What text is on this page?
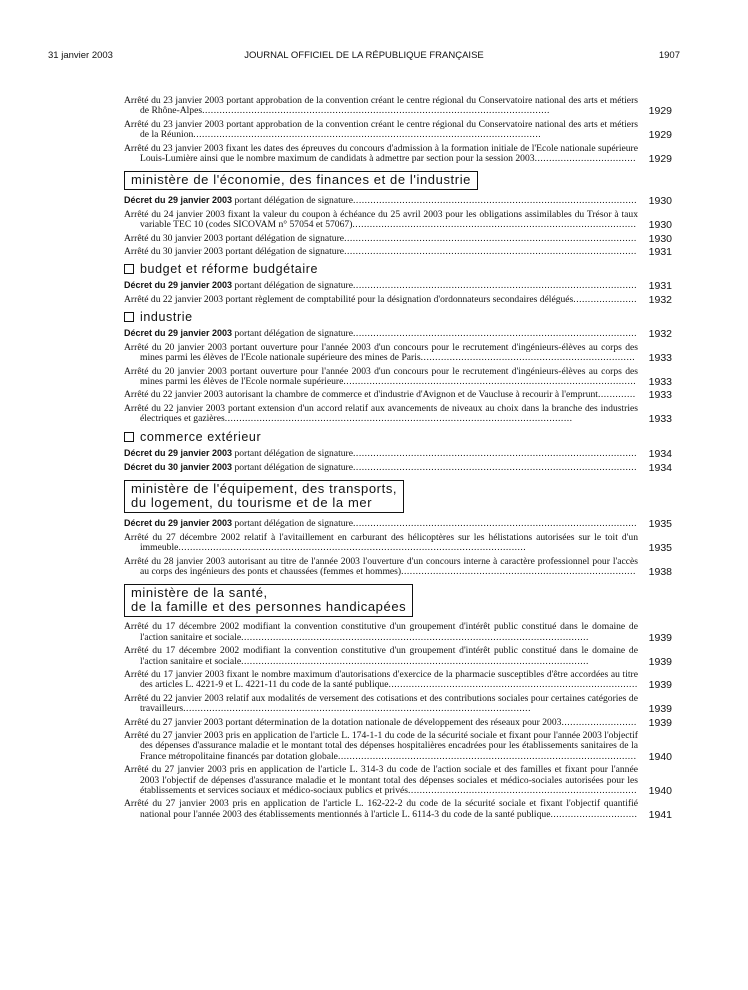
31 janvier 2003	JOURNAL OFFICIEL DE LA RÉPUBLIQUE FRANÇAISE	1907
Arrêté du 23 janvier 2003 portant approbation de la convention créant le centre régional du Conservatoire national des arts et métiers de Rhône-Alpes........................................................................................................................	1929
Arrêté du 23 janvier 2003 portant approbation de la convention créant le centre régional du Conservatoire national des arts et métiers de la Réunion........................................................................................................................	1929
Arrêté du 23 janvier 2003 fixant les dates des épreuves du concours d'admission à la formation initiale de l'Ecole nationale supérieure Louis-Lumière ainsi que le nombre maximum de candidats à admettre par section pour la session 2003................................... 1929
ministère de l'économie, des finances et de l'industrie
Décret du 29 janvier 2003 portant délégation de signature.................................................................................................. 1930
Arrêté du 24 janvier 2003 fixant la valeur du coupon à échéance du 25 avril 2003 pour les obligations assimilables du Trésor à taux variable TEC 10 (codes SICOVAM n° 57054 et 57067).................................................................................................. 1930
Arrêté du 30 janvier 2003 portant délégation de signature..................................................................................................... 1930
Arrêté du 30 janvier 2003 portant délégation de signature..................................................................................................... 1931
budget et réforme budgétaire
Décret du 29 janvier 2003 portant délégation de signature.................................................................................................. 1931
Arrêté du 22 janvier 2003 portant règlement de comptabilité pour la désignation d'ordonnateurs secondaires délégués...................... 1932
industrie
Décret du 29 janvier 2003 portant délégation de signature.................................................................................................. 1932
Arrêté du 20 janvier 2003 portant ouverture pour l'année 2003 d'un concours pour le recrutement d'ingénieurs-élèves au corps des mines parmi les élèves de l'Ecole nationale supérieure des mines de Paris.......................................................................... 1933
Arrêté du 20 janvier 2003 portant ouverture pour l'année 2003 d'un concours pour le recrutement d'ingénieurs-élèves au corps des mines parmi les élèves de l'Ecole normale supérieure..................................................................................................... 1933
Arrêté du 22 janvier 2003 autorisant la chambre de commerce et d'industrie d'Avignon et de Vaucluse à recourir à l'emprunt............. 1933
Arrêté du 22 janvier 2003 portant extension d'un accord relatif aux avancements de niveaux au choix dans la branche des industries électriques et gazières........................................................................................................................	1933
commerce extérieur
Décret du 29 janvier 2003 portant délégation de signature.................................................................................................. 1934
Décret du 30 janvier 2003 portant délégation de signature.................................................................................................. 1934
ministère de l'équipement, des transports,
du logement, du tourisme et de la mer
Décret du 29 janvier 2003 portant délégation de signature.................................................................................................. 1935
Arrêté du 27 décembre 2002 relatif à l'avitaillement en carburant des hélicoptères sur les hélistations autorisées sur le toit d'un immeuble........................................................................................................................	1935
Arrêté du 28 janvier 2003 autorisant au titre de l'année 2003 l'ouverture d'un concours interne à caractère professionnel pour l'accès au corps des ingénieurs des ponts et chaussées (femmes et hommes)................................................................................. 1938
ministère de la santé,
de la famille et des personnes handicapées
Arrêté du 17 décembre 2002 modifiant la convention constitutive d'un groupement d'intérêt public constitué dans le domaine de l'action sanitaire et sociale........................................................................................................................	1939
Arrêté du 17 décembre 2002 modifiant la convention constitutive d'un groupement d'intérêt public constitué dans le domaine de l'action sanitaire et sociale........................................................................................................................	1939
Arrêté du 17 janvier 2003 fixant le nombre maximum d'autorisations d'exercice de la pharmacie susceptibles d'être accordées au titre des articles L. 4221-9 et L. 4221-11 du code de la santé publique...................................................................................... 1939
Arrêté du 22 janvier 2003 relatif aux modalités de versement des cotisations et des contributions sociales pour certaines catégories de travailleurs........................................................................................................................	1939
Arrêté du 27 janvier 2003 portant détermination de la dotation nationale de développement des réseaux pour 2003.......................... 1939
Arrêté du 27 janvier 2003 pris en application de l'article L. 174-1-1 du code de la sécurité sociale et fixant pour l'année 2003 l'objectif des dépenses d'assurance maladie et le montant total des dépenses hospitalières encadrées pour les établissements sanitaires de la France métropolitaine financés par dotation globale....................................................................................................... 1940
Arrêté du 27 janvier 2003 pris en application de l'article L. 314-3 du code de l'action sociale et des familles et fixant pour l'année 2003 l'objectif de dépenses d'assurance maladie et le montant total des dépenses sociales et médico-sociales autorisées pour les établissements et services sociaux et médico-sociaux publics et privés............................................................................... 1940
Arrêté du 27 janvier 2003 pris en application de l'article L. 162-22-2 du code de la sécurité sociale et fixant l'objectif quantifié national pour l'année 2003 des établissements mentionnés à l'article L. 6114-3 du code de la santé publique.............................. 1941
